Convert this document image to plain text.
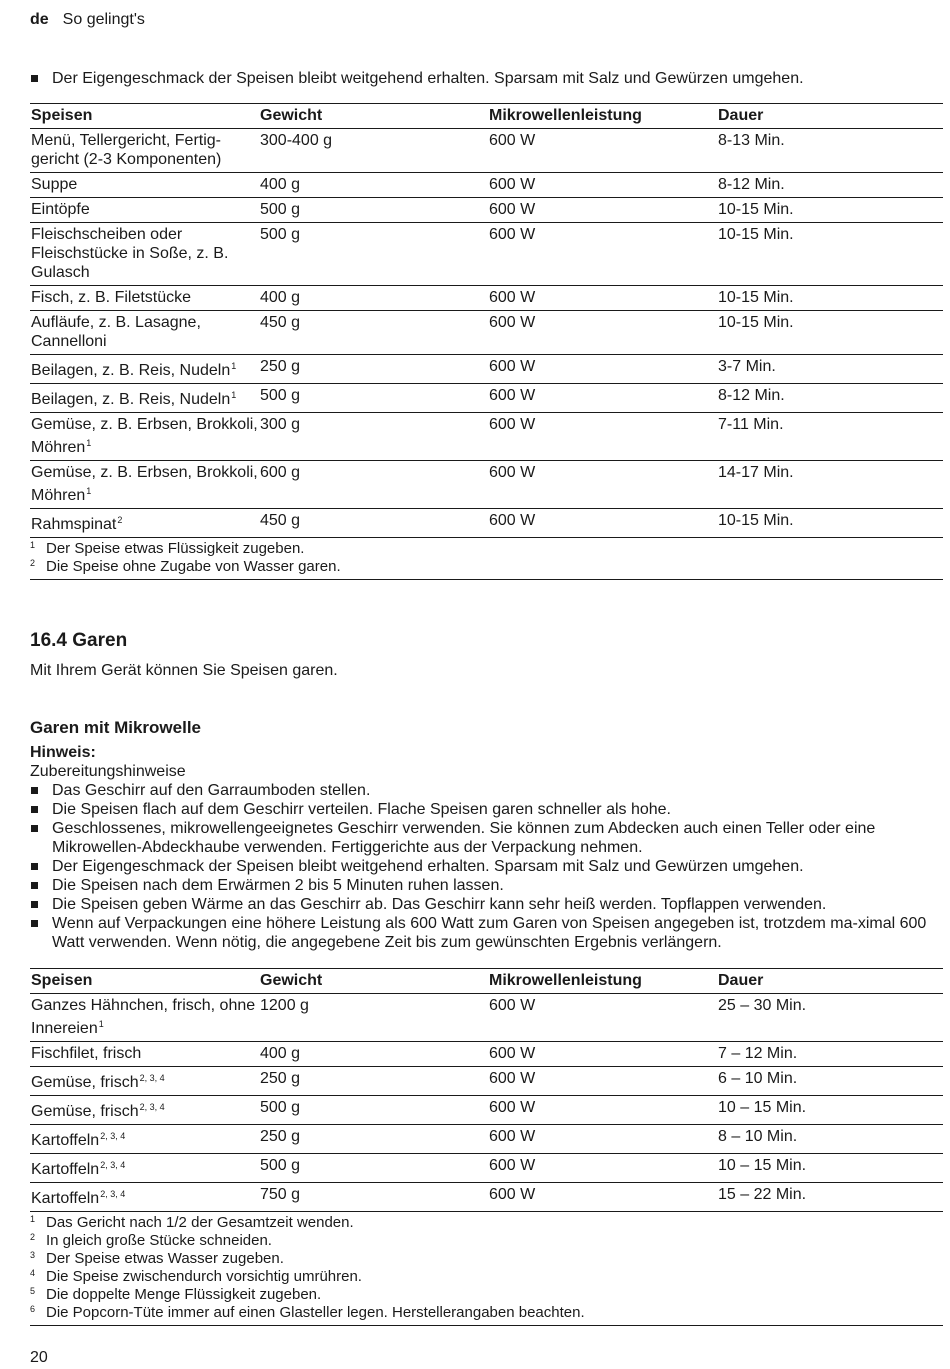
de So gelingt's
Der Eigengeschmack der Speisen bleibt weitgehend erhalten. Sparsam mit Salz und Gewürzen umgehen.
Speisen	Gewicht	Mikrowellenleistung	Dauer
Menü, Tellergericht, Fertig-gericht (2-3 Komponenten)	300-400 g	600 W	8-13 Min.
Suppe	400 g	600 W	8-12 Min.
Eintöpfe	500 g	600 W	10-15 Min.
Fleischscheiben oder Fleischstücke in Soße, z. B. Gulasch	500 g	600 W	10-15 Min.
Fisch, z. B. Filetstücke	400 g	600 W	10-15 Min.
Aufläufe, z. B. Lasagne, Cannelloni	450 g	600 W	10-15 Min.
Beilagen, z. B. Reis, Nudeln$^1$	250 g	600 W	3-7 Min.
Beilagen, z. B. Reis, Nudeln$^1$	500 g	600 W	8-12 Min.
Gemüse, z. B. Erbsen, Brokkoli, Möhren$^1$	300 g	600 W	7-11 Min.
Gemüse, z. B. Erbsen, Brokkoli, Möhren$^1$	600 g	600 W	14-17 Min.
Rahmspinat$^2$	450 g	600 W	10-15 Min.
1 Der Speise etwas Flüssigkeit zugeben.
2 Die Speise ohne Zugabe von Wasser garen.
16.4 Garen
Mit Ihrem Gerät können Sie Speisen garen.
Garen mit Mikrowelle
Hinweis:
Zubereitungshinweise
Das Geschirr auf den Garraumboden stellen.
Die Speisen flach auf dem Geschirr verteilen. Flache Speisen garen schneller als hohe.
Geschlossenes, mikrowellengeeignetes Geschirr verwenden. Sie können zum Abdecken auch einen Teller oder eine Mikrowellen-Abdeckhaube verwenden. Fertiggerichte aus der Verpackung nehmen.
Der Eigengeschmack der Speisen bleibt weitgehend erhalten. Sparsam mit Salz und Gewürzen umgehen.
Die Speisen nach dem Erwärmen 2 bis 5 Minuten ruhen lassen.
Die Speisen geben Wärme an das Geschirr ab. Das Geschirr kann sehr heiß werden. Topflappen verwenden.
Wenn auf Verpackungen eine höhere Leistung als 600 Watt zum Garen von Speisen angegeben ist, trotzdem ma-ximal 600 Watt verwenden. Wenn nötig, die angegebene Zeit bis zum gewünschten Ergebnis verlängern.
Speisen	Gewicht	Mikrowellenleistung	Dauer
Ganzes Hähnchen, frisch, ohne Innereien$^1$	1200 g	600 W	25 – 30 Min.
Fischfilet, frisch	400 g	600 W	7 – 12 Min.
Gemüse, frisch$^{2, 3, 4}$	250 g	600 W	6 – 10 Min.
Gemüse, frisch$^{2, 3, 4}$	500 g	600 W	10 – 15 Min.
Kartoffeln$^{2, 3, 4}$	250 g	600 W	8 – 10 Min.
Kartoffeln$^{2, 3, 4}$	500 g	600 W	10 – 15 Min.
Kartoffeln$^{2, 3, 4}$	750 g	600 W	15 – 22 Min.
1 Das Gericht nach 1/2 der Gesamtzeit wenden.
2 In gleich große Stücke schneiden.
3 Der Speise etwas Wasser zugeben.
4 Die Speise zwischendurch vorsichtig umrühren.
5 Die doppelte Menge Flüssigkeit zugeben.
6 Die Popcorn-Tüte immer auf einen Glasteller legen. Herstellerangaben beachten.
20
